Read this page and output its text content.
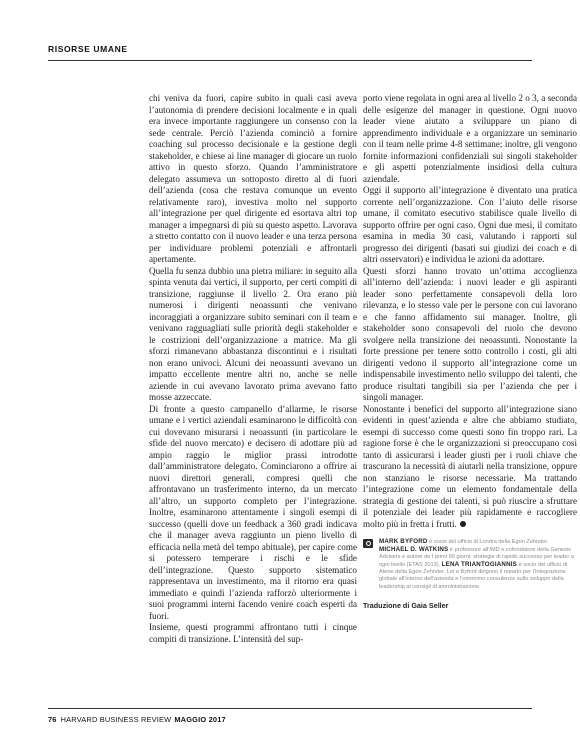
RISORSE UMANE

chi veniva da fuori, capire subito in quali casi aveva l’autonomia di prendere decisioni localmente e in quali era invece importante raggiungere un consenso con la sede centrale. Perciò l’azienda cominciò a fornire coaching sul processo decisionale e la gestione degli stakeholder, e chiese ai line manager di giocare un ruolo attivo in questo sforzo. Quando l’amministratore delegato assumeva un sottoposto diretto al di fuori dell’azienda (cosa che restava comunque un evento relativamente raro), investiva molto nel supporto all’integrazione per quel dirigente ed esortava altri top manager a impegnarsi di più su questo aspetto. Lavorava a stretto contatto con il nuovo leader e una terza persona per individuare problemi potenziali e affrontarli apertamente.

Quella fu senza dubbio una pietra miliare: in seguito alla spinta venuta dai vertici, il supporto, per certi compiti di transizione, raggiunse il livello 2. Ora erano più numerosi i dirigenti neoassunti che venivano incoraggiati a organizzare subito seminari con il team e venivano ragguagliati sulle priorità degli stakeholder e le costrizioni dell’organizzazione a matrice. Ma gli sforzi rimanevano abbastanza discontinui e i risultati non erano univoci. Alcuni dei neoassunti avevano un impatto eccellente mentre altri no, anche se nelle aziende in cui avevano lavorato prima avevano fatto mosse azzeccate.

Di fronte a questo campanello d’allarme, le risorse umane e i vertici aziendali esaminarono le difficoltà con cui dovevano misurarsi i neoassunti (in particolare le sfide del nuovo mercato) e decisero di adottare più ad ampio raggio le miglior prassi introdotte dall’amministratore delegato. Cominciarono a offrire ai nuovi direttori generali, compresi quelli che affrontavano un trasferimento interno, da un mercato all’altro, un supporto completo per l’integrazione. Inoltre, esaminarono attentamente i singoli esempi di successo (quelli dove un feedback a 360 gradi indicava che il manager aveva raggiunto un pieno livello di efficacia nella metà del tempo abituale), per capire come si potessero temperare i rischi e le sfide dell’integrazione. Questo supporto sistematico rappresentava un investimento, ma il ritorno era quasi immediato e quindi l’azienda rafforzò ulteriormente i suoi programmi interni facendo venire coach esperti da fuori.

Insieme, questi programmi affrontano tutti i cinque compiti di transizione. L’intensità del sup-

porto viene regolata in ogni area al livello 2 o 3, a seconda delle esigenze del manager in questione. Ogni nuovo leader viene aiutato a sviluppare un piano di apprendimento individuale e a organizzare un seminario con il team nelle prime 4-8 settimane; inoltre, gli vengono fornite informazioni confidenziali sui singoli stakeholder e gli aspetti potenzialmente insidiosi della cultura aziendale.

Oggi il supporto all’integrazione è diventato una pratica corrente nell’organizzazione. Con l’aiuto delle risorse umane, il comitato esecutivo stabilisce quale livello di supporto offrire per ogni caso. Ogni due mesi, il comitato esamina in media 30 casi, valutando i rapporti sul progresso dei dirigenti (basati sui giudizi dei coach e di altri osservatori) e individua le azioni da adottare.

Questi sforzi hanno trovato un’ottima accoglienza all’interno dell’azienda: i nuovi leader e gli aspiranti leader sono perfettamente consapevoli della loro rilevanza, e lo stesso vale per le persone con cui lavorano e che fanno affidamento sui manager. Inoltre, gli stakeholder sono consapevoli del ruolo che devono svolgere nella transizione dei neoassunti. Nonostante la forte pressione per tenere sotto controllo i costi, gli alti dirigenti vedono il supporto all’integrazione come un indispensabile investimento nello sviluppo dei talenti, che produce risultati tangibili sia per l’azienda che per i singoli manager.

Nonostante i benefici del supporto all’integrazione siano evidenti in quest’azienda e altre che abbiamo studiato, esempi di successo come questi sono fin troppo rari. La ragione forse è che le organizzazioni si preoccupano così tanto di assicurarsi i leader giusti per i ruoli chiave che trascurano la necessità di aiutarli nella transizione, oppure non stanziano le risorse necessarie. Ma trattando l’integrazione come un elemento fondamentale della strategia di gestione dei talenti, si può riuscire a sfruttare il potenziale dei leader più rapidamente e raccogliere molto più in fretta i frutti.

MARK BYFORD è socio del ufficio di Londra della Egon Zehnder. MICHAEL D. WATKINS è professore all’IMD e cofondatore della Genesis Advisers e autore de I primi 90 giorni: strategie di rapido successo per leader a ogni livello (ETAS 2013). LENA TRIANTOGIANNIS è socio del ufficio di Atene della Egon Zehnder. Lei e Byford dirigono il reparto per l’integrazione globale all’interno dell’azienda e l’omonimo consulenze sullo sviluppo della leadership ai consigli di amministrazione.
Traduzione di Gaia Seller
76 HARVARD BUSINESS REVIEW MAGGIO 2017
